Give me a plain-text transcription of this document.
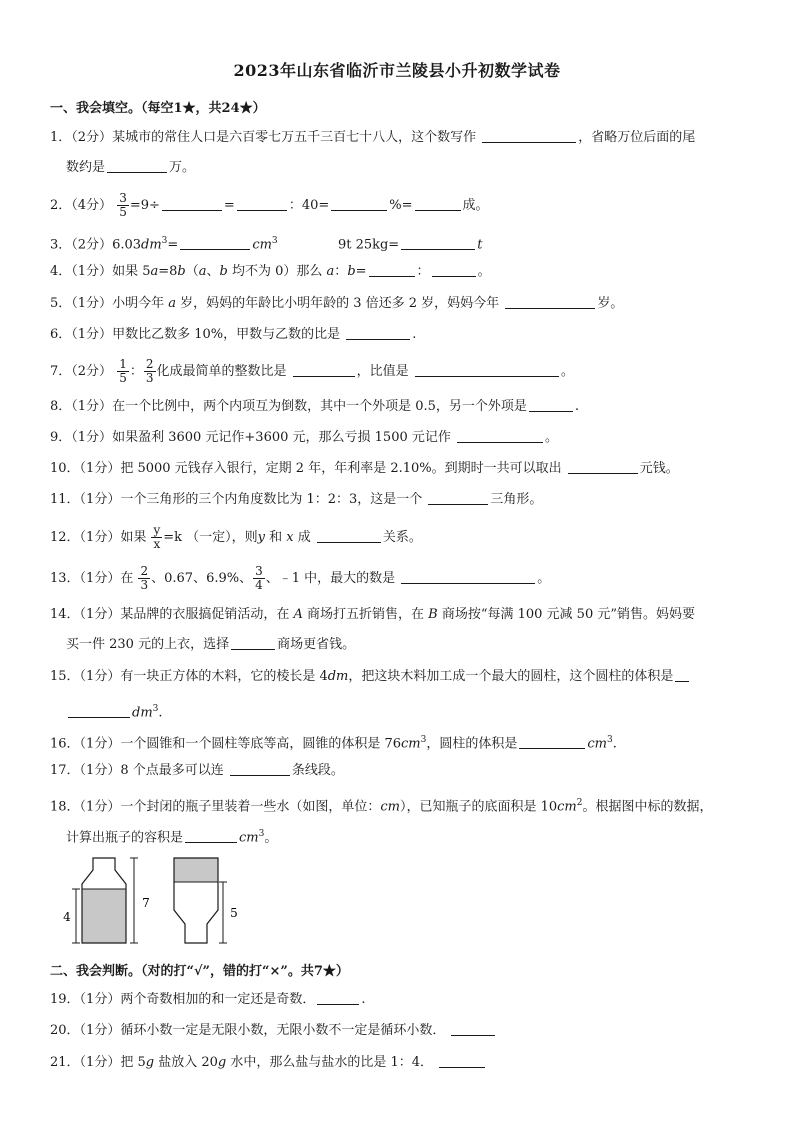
2023年山东省临沂市兰陵县小升初数学试卷
一、我会填空。（每空1★，共24★）
1．（2分）某城市的常住人口是六百零七万五千三百七十八人，这个数写作	，省略万位后面的尾
数约是	万。
2．（4分） $\frac{3}{5} =9\div$	=	：40=	%=	成。
3．（2分）$6.03dm^3=$	$cm^3$	9t 25kg=	t
4．（1分）如果 5a=8b（a、b 均不为 0）那么 a：b=	：	。
5．（1分）小明今年 a 岁，妈妈的年龄比小明年龄的 3 倍还多 2 岁，妈妈今年	岁。
6．（1分）甲数比乙数多 10%，甲数与乙数的比是	.
7．（2分） $\frac{1}{5}$ ： $\frac{2}{3}$ 化成最简单的整数比是	，比值是	。
8．（1分）在一个比例中，两个内项互为倒数，其中一个外项是 0.5，另一个外项是	.
9．（1分）如果盈利 3600 元记作+3600 元，那么亏损 1500 元记作	。
10．（1分）把 5000 元钱存入银行，定期 2 年，年利率是 2.10%。到期时一共可以取出	元钱。
11．（1分）一个三角形的三个内角度数比为 1：2：3，这是一个	三角形。
12．（1分）如果 $\frac{y}{x} =k$ （一定），则y 和 x 成	关系。
13．（1分）在 $\frac{2}{3}$ 、0.67、6.9%、 $\frac{3}{4}$ 、﹣1 中，最大的数是	。
14．（1分）某品牌的衣服搞促销活动，在 A 商场打五折销售，在 B 商场按“每满 100 元减 50 元”销售。妈妈要
买一件 230 元的上衣，选择	商场更省钱。
15．（1分）有一块正方体的木料，它的棱长是 4dm，把这块木料加工成一个最大的圆柱，这个圆柱的体积是
$dm^3$.
16．（1分）一个圆锥和一个圆柱等底等高，圆锥的体积是 $76cm^3$，圆柱的体积是	$cm^3$.
17．（1分）8 个点最多可以连	条线段。
18．（1分）一个封闭的瓶子里装着一些水（如图，单位：cm），已知瓶子的底面积是 $10cm^2$。根据图中标的数据，
计算出瓶子的容积是	$cm^3$。
4
7
5
二、我会判断。（对的打“√”，错的打“×”。共7★）
19．（1分）两个奇数相加的和一定还是奇数．	.
20．（1分）循环小数一定是无限小数，无限小数不一定是循环小数．
21．（1分）把 5g 盐放入 20g 水中，那么盐与盐水的比是 1：4．
